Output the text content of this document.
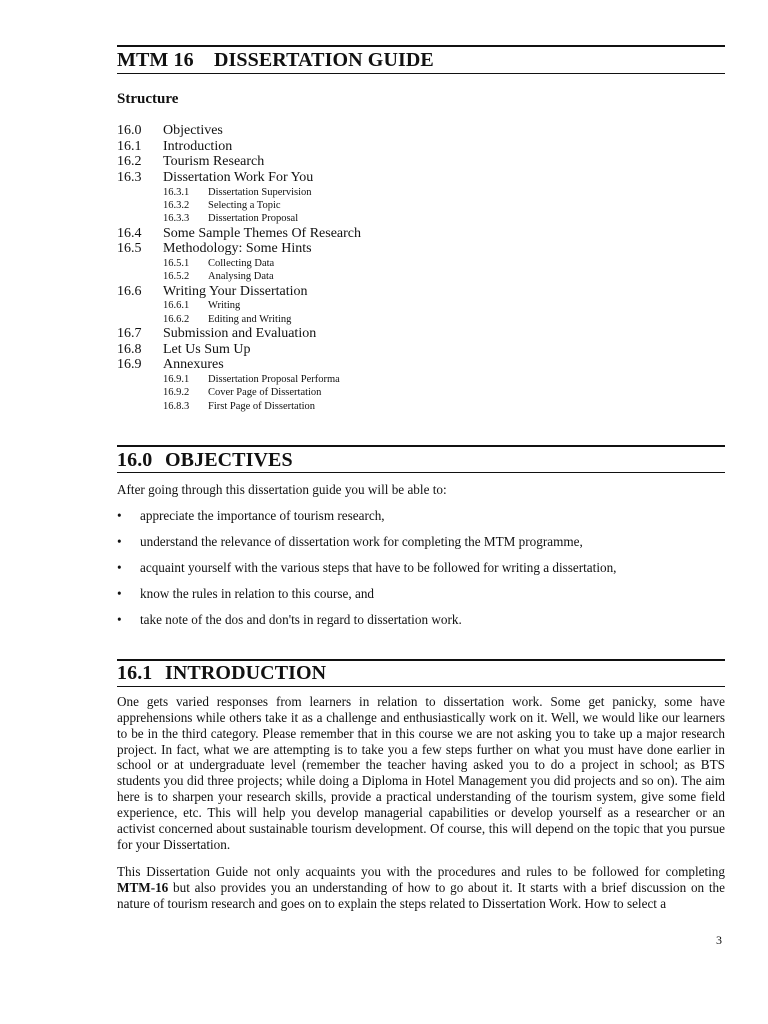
MTM 16 DISSERTATION GUIDE
Structure
16.0	Objectives
16.1	Introduction
16.2	Tourism Research
16.3	Dissertation Work For You
16.3.1	Dissertation Supervision
16.3.2	Selecting a Topic
16.3.3	Dissertation Proposal
16.4	Some Sample Themes Of Research
16.5	Methodology: Some Hints
16.5.1	Collecting Data
16.5.2	Analysing Data
16.6	Writing Your Dissertation
16.6.1	Writing
16.6.2	Editing and Writing
16.7	Submission and Evaluation
16.8	Let Us Sum Up
16.9	Annexures
16.9.1	Dissertation Proposal Performa
16.9.2	Cover Page of Dissertation
16.8.3	First Page of Dissertation
16.0 OBJECTIVES
After going through this dissertation guide you will be able to:
•	appreciate the importance of tourism research,
•	understand the relevance of dissertation work for completing the MTM programme,
•	acquaint yourself with the various steps that have to be followed for writing a dissertation,
•	know the rules in relation to this course, and
•	take note of the dos and don'ts in regard to dissertation work.
16.1 INTRODUCTION
One gets varied responses from learners in relation to dissertation work. Some get panicky, some have apprehensions while others take it as a challenge and enthusiastically work on it. Well, we would like our learners to be in the third category. Please remember that in this course we are not asking you to take up a major research project. In fact, what we are attempting is to take you a few steps further on what you must have done earlier in school or at undergraduate level (remember the teacher having asked you to do a project in school; as BTS students you did three projects; while doing a Diploma in Hotel Management you did projects and so on). The aim here is to sharpen your research skills, provide a practical understanding of the tourism system, give some field experience, etc. This will help you develop managerial capabilities or develop yourself as a researcher or an activist concerned about sustainable tourism development. Of course, this will depend on the topic that you pursue for your Dissertation.
This Dissertation Guide not only acquaints you with the procedures and rules to be followed for completing MTM-16 but also provides you an understanding of how to go about it. It starts with a brief discussion on the nature of tourism research and goes on to explain the steps related to Dissertation Work. How to select a
3
